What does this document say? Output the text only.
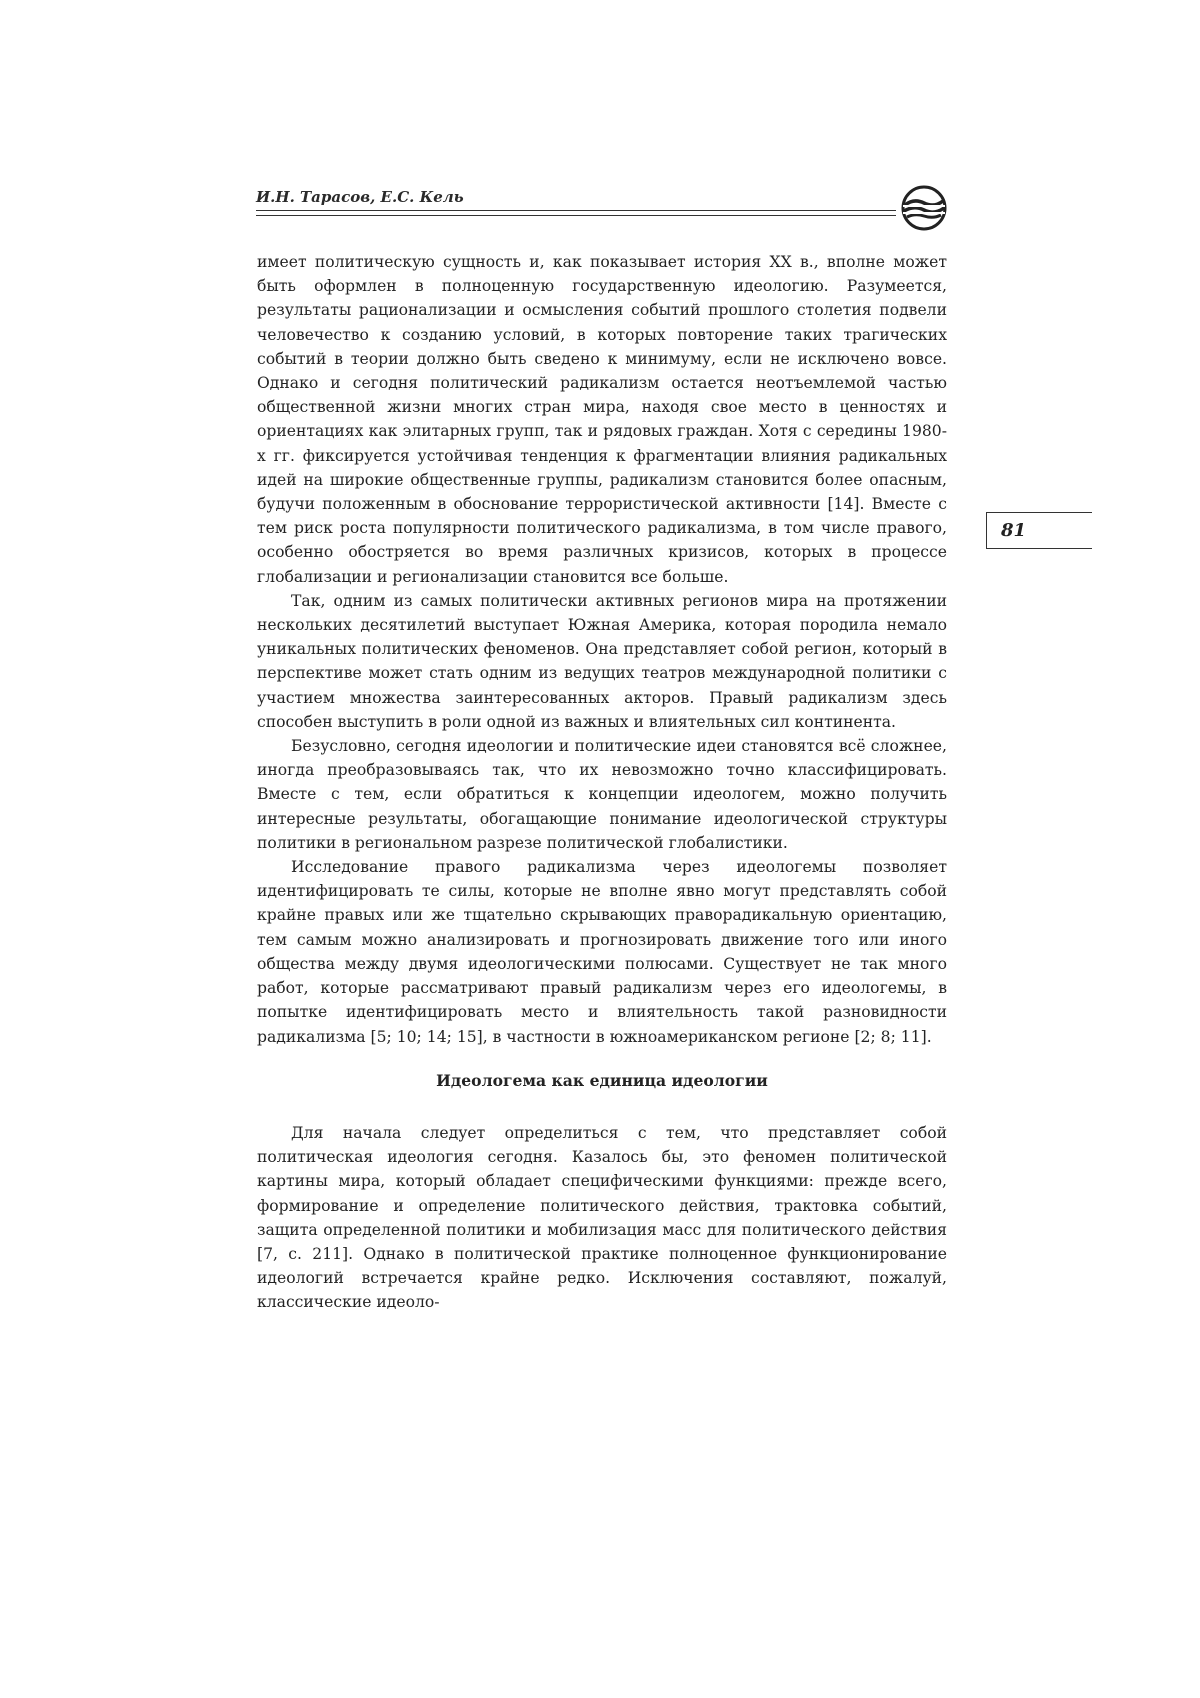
И.Н. Тарасов, Е.С. Кель
81

имеет политическую сущность и, как показывает история XX в., вполне может быть оформлен в полноценную государственную идеологию. Разумеется, результаты рационализации и осмысления событий прошлого столетия подвели человечество к созданию условий, в которых повторение таких трагических событий в теории должно быть сведено к минимуму, если не исключено вовсе. Однако и сегодня политический радикализм остается неотъемлемой частью общественной жизни многих стран мира, находя свое место в ценностях и ориентациях как элитарных групп, так и рядовых граждан. Хотя с середины 1980-х гг. фиксируется устойчивая тенденция к фрагментации влияния радикальных идей на широкие общественные группы, радикализм становится более опасным, будучи положенным в обоснование террористической активности [14]. Вместе с тем риск роста популярности политического радикализма, в том числе правого, особенно обостряется во время различных кризисов, которых в процессе глобализации и регионализации становится все больше.

Так, одним из самых политически активных регионов мира на протяжении нескольких десятилетий выступает Южная Америка, которая породила немало уникальных политических феноменов. Она представляет собой регион, который в перспективе может стать одним из ведущих театров международной политики с участием множества заинтересованных акторов. Правый радикализм здесь способен выступить в роли одной из важных и влиятельных сил континента.

Безусловно, сегодня идеологии и политические идеи становятся всё сложнее, иногда преобразовываясь так, что их невозможно точно классифицировать. Вместе с тем, если обратиться к концепции идеологем, можно получить интересные результаты, обогащающие понимание идеологической структуры политики в региональном разрезе политической глобалистики.

Исследование правого радикализма через идеологемы позволяет идентифицировать те силы, которые не вполне явно могут представлять собой крайне правых или же тщательно скрывающих праворадикальную ориентацию, тем самым можно анализировать и прогнозировать движение того или иного общества между двумя идеологическими полюсами. Существует не так много работ, которые рассматривают правый радикализм через его идеологемы, в попытке идентифицировать место и влиятельность такой разновидности радикализма [5; 10; 14; 15], в частности в южноамериканском регионе [2; 8; 11].

Идеологема как единица идеологии

Для начала следует определиться с тем, что представляет собой политическая идеология сегодня. Казалось бы, это феномен политической картины мира, который обладает специфическими функциями: прежде всего, формирование и определение политического действия, трактовка событий, защита определенной политики и мобилизация масс для политического действия [7, с. 211]. Однако в политической практике полноценное функционирование идеологий встречается крайне редко. Исключения составляют, пожалуй, классические идеоло-
